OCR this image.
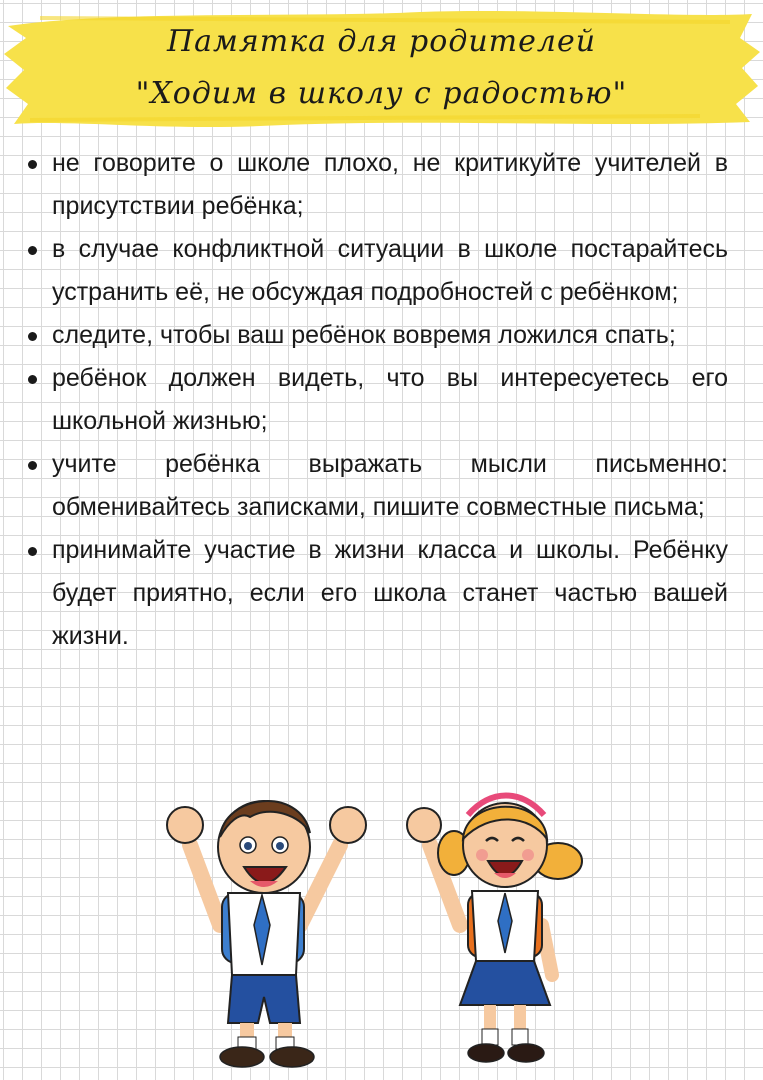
Памятка для родителей
"Ходим в школу с радостью"
не говорите о школе плохо, не критикуйте учителей в присутствии ребёнка;
в случае конфликтной ситуации в школе постарайтесь устранить её, не обсуждая подробностей с ребёнком;
следите, чтобы ваш ребёнок вовремя ложился спать;
ребёнок должен видеть, что вы интересуетесь его школьной жизнью;
учите ребёнка выражать мысли письменно: обменивайтесь записками, пишите совместные письма;
принимайте участие в жизни класса и школы. Ребёнку будет приятно, если его школа станет частью вашей жизни.
